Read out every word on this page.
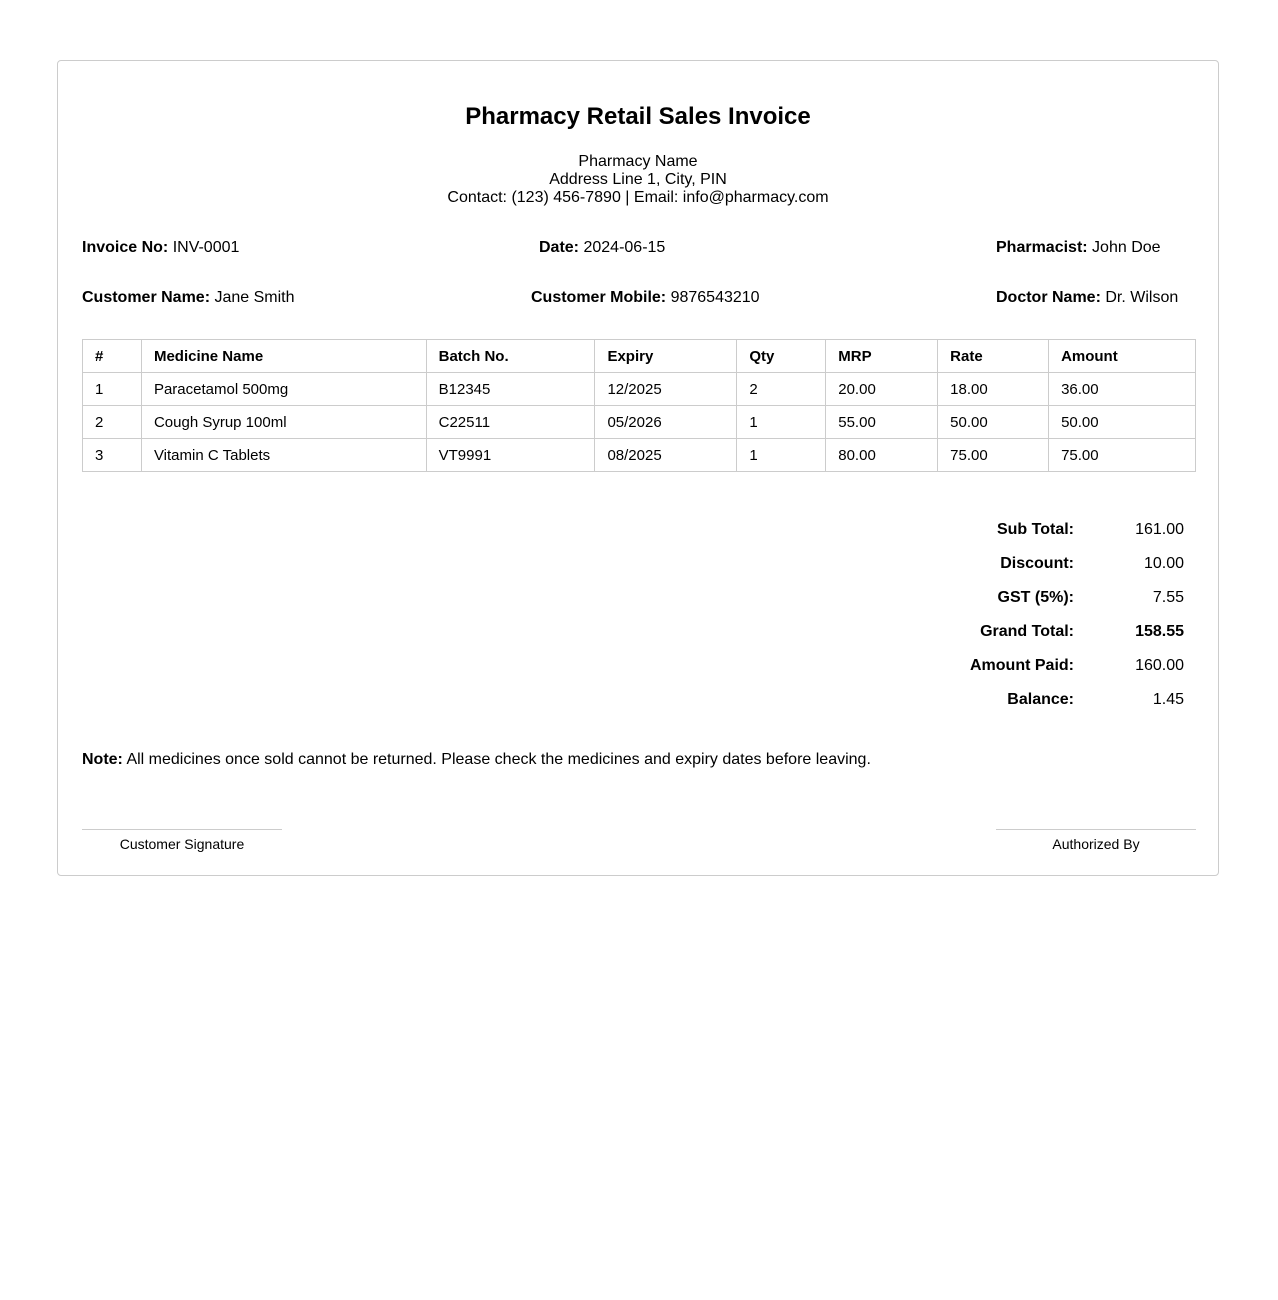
Pharmacy Retail Sales Invoice
Pharmacy Name
Address Line 1, City, PIN
Contact: (123) 456-7890 | Email: info@pharmacy.com
Invoice No: INV-0001	Date: 2024-06-15	Pharmacist: John Doe
Customer Name: Jane Smith	Customer Mobile: 9876543210	Doctor Name: Dr. Wilson
#	Medicine Name	Batch No.	Expiry	Qty	MRP	Rate	Amount
1	Paracetamol 500mg	B12345	12/2025	2	20.00	18.00	36.00
2	Cough Syrup 100ml	C22511	05/2026	1	55.00	50.00	50.00
3	Vitamin C Tablets	VT9991	08/2025	1	80.00	75.00	75.00
Sub Total:	161.00
Discount:	10.00
GST (5%):	7.55
Grand Total:	158.55
Amount Paid:	160.00
Balance:	1.45
Note: All medicines once sold cannot be returned. Please check the medicines and expiry dates before leaving.
Customer Signature	Authorized By
